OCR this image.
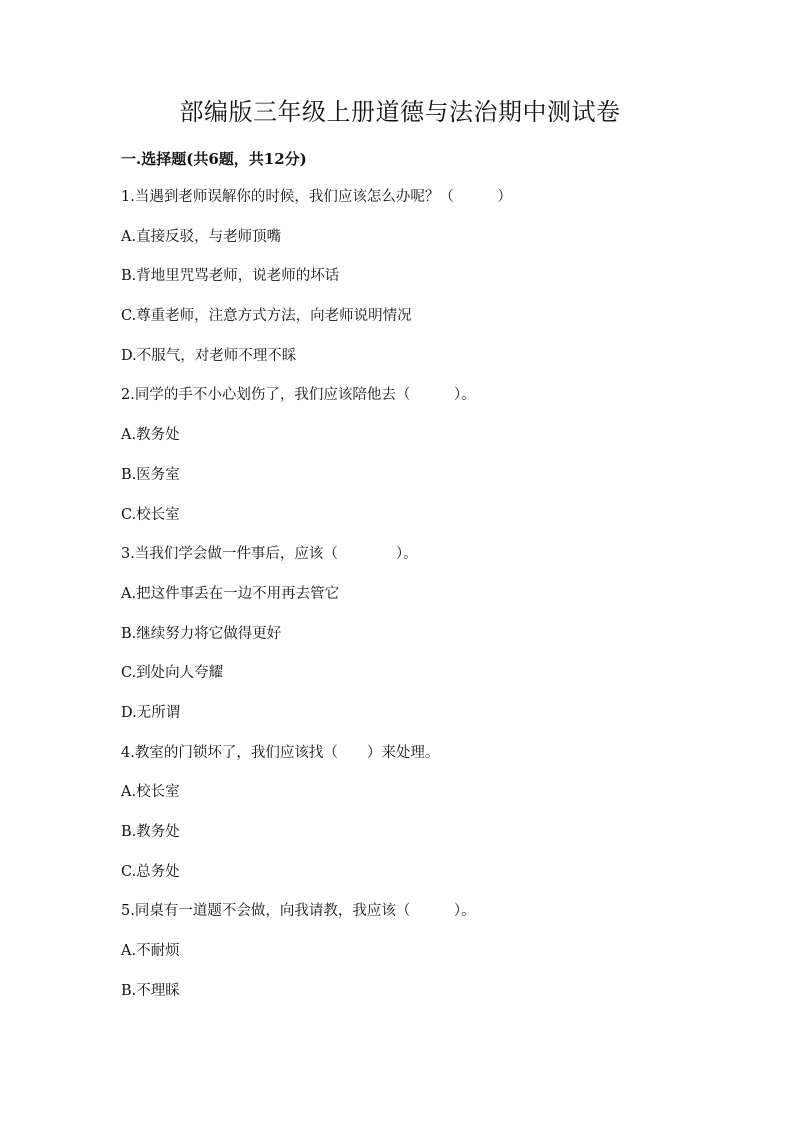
部编版三年级上册道德与法治期中测试卷
一.选择题(共6题，共12分)
1.当遇到老师误解你的时候，我们应该怎么办呢？（　　　）
A.直接反驳，与老师顶嘴
B.背地里咒骂老师，说老师的坏话
C.尊重老师，注意方式方法，向老师说明情况
D.不服气，对老师不理不睬
2.同学的手不小心划伤了，我们应该陪他去（　　　）。
A.教务处
B.医务室
C.校长室
3.当我们学会做一件事后，应该（　　　　）。
A.把这件事丢在一边不用再去管它
B.继续努力将它做得更好
C.到处向人夸耀
D.无所谓
4.教室的门锁坏了，我们应该找（　　）来处理。
A.校长室
B.教务处
C.总务处
5.同桌有一道题不会做，向我请教，我应该（　　　）。
A.不耐烦
B.不理睬
